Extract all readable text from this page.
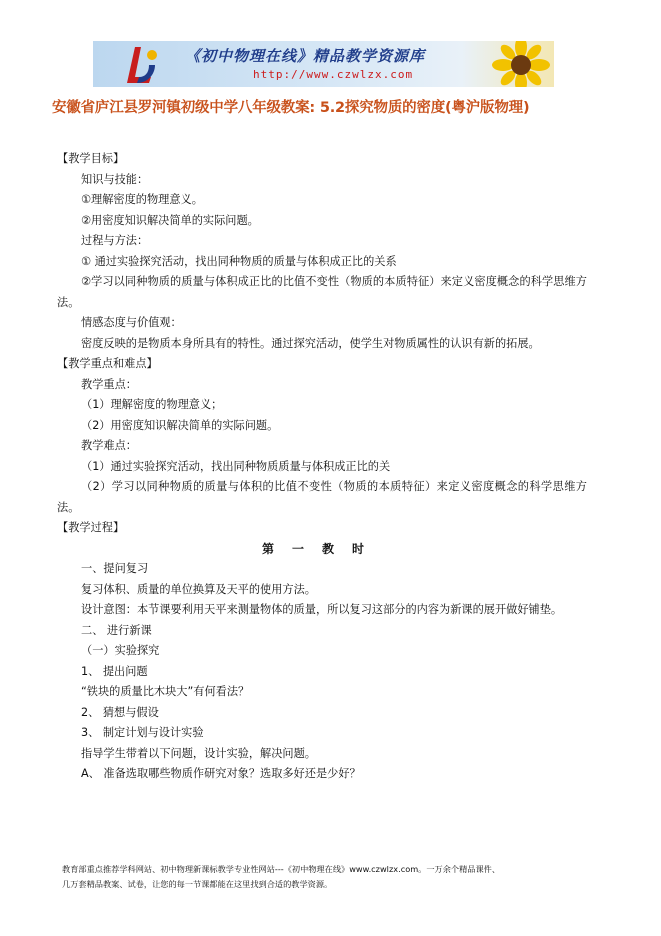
《初中物理在线》精品教学资源库
http://www.czwlzx.com
安徽省庐江县罗河镇初级中学八年级教案: 5.2探究物质的密度(粤沪版物理)
【教学目标】
知识与技能：
①理解密度的物理意义。
②用密度知识解决简单的实际问题。
过程与方法：
① 通过实验探究活动，找出同种物质的质量与体积成正比的关系
②学习以同种物质的质量与体积成正比的比值不变性（物质的本质特征）来定义密度概念的科学思维方法。
情感态度与价值观：
密度反映的是物质本身所具有的特性。通过探究活动，使学生对物质属性的认识有新的拓展。
【教学重点和难点】
教学重点：
（1）理解密度的物理意义；
（2）用密度知识解决简单的实际问题。
教学难点：
（1）通过实验探究活动，找出同种物质质量与体积成正比的关
（2）学习以同种物质的质量与体积的比值不变性（物质的本质特征）来定义密度概念的科学思维方法。
【教学过程】
第一教时
一、提问复习
复习体积、质量的单位换算及天平的使用方法。
设计意图：本节课要利用天平来测量物体的质量，所以复习这部分的内容为新课的展开做好铺垫。
二、 进行新课
（一）实验探究
1、 提出问题
“铁块的质量比木块大”有何看法？
2、 猜想与假设
3、 制定计划与设计实验
指导学生带着以下问题，设计实验，解决问题。
A、 准备选取哪些物质作研究对象？选取多好还是少好？
教育部重点推荐学科网站、初中物理新课标教学专业性网站---《初中物理在线》www.czwlzx.com。一万余个精品课件、
几万套精品教案、试卷，让您的每一节课都能在这里找到合适的教学资源。
